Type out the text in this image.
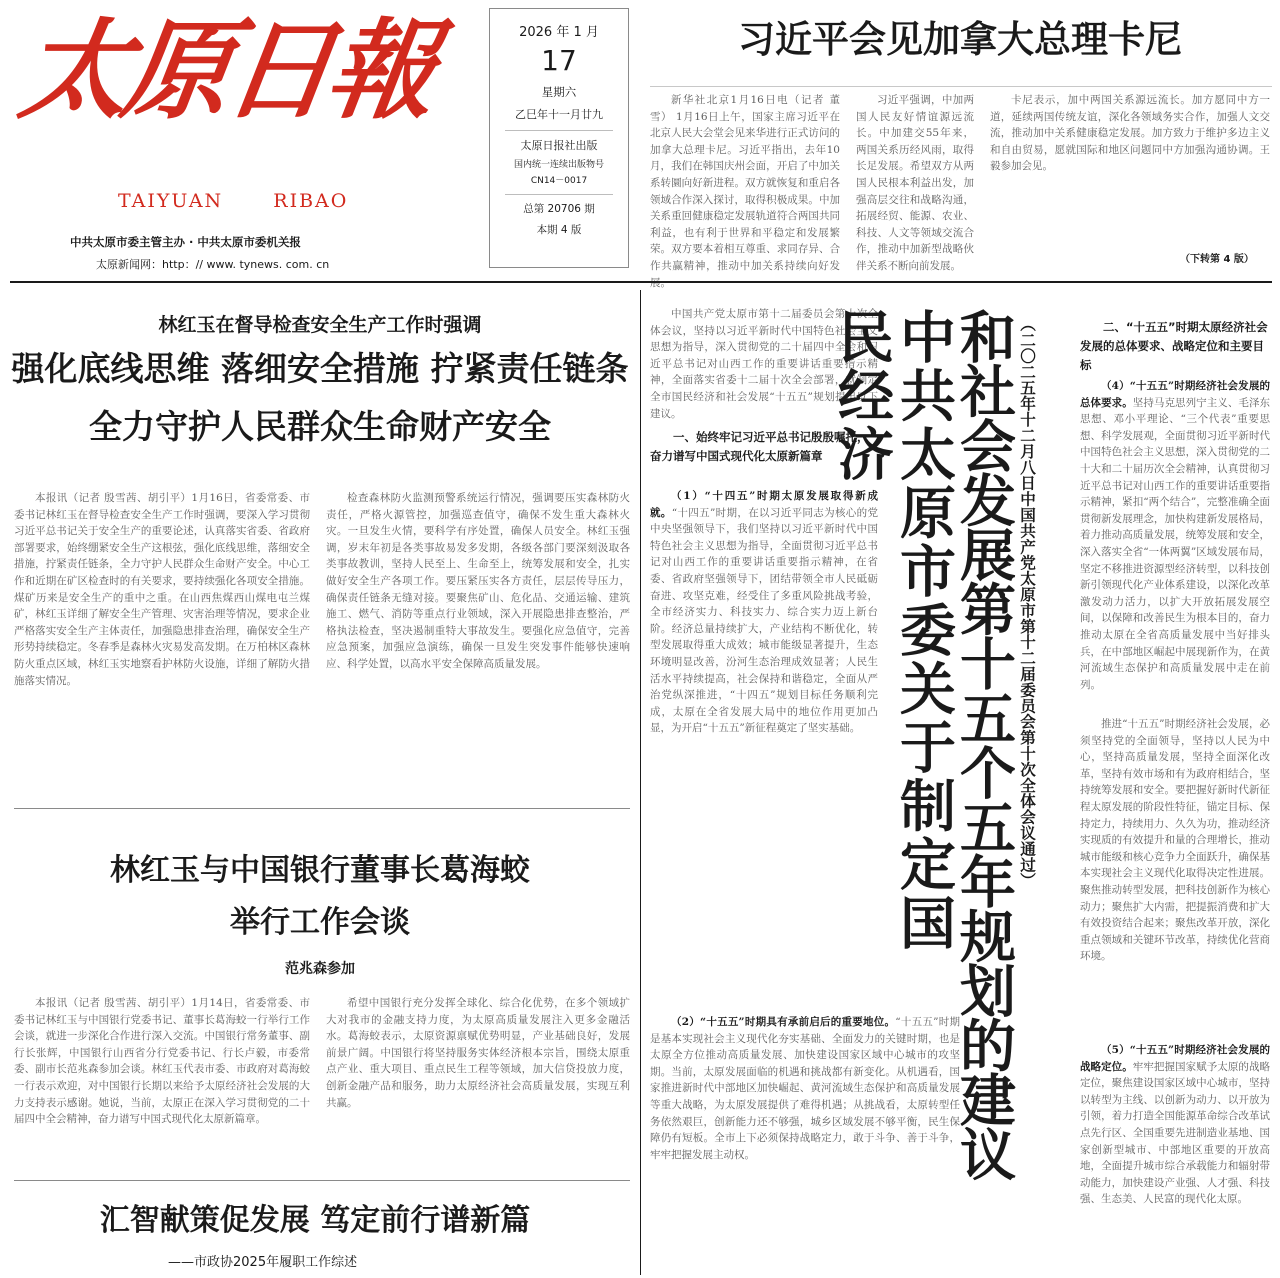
太原日報
TAIYUAN	RIBAO
中共太原市委主管主办 · 中共太原市委机关报
太原新闻网：http：// www. tynews. com. cn
2026 年 1 月
17
星期六
乙巳年十一月廿九
太原日报社出版
国内统一连续出版物号
CN14－0017
总第 20706 期
本期 4 版
习近平会见加拿大总理卡尼

新华社北京1月16日电（记者 董 雪） 1月16日上午，国家主席习近平在北京人民大会堂会见来华进行正式访问的加拿大总理卡尼。习近平指出，去年10月，我们在韩国庆州会面，开启了中加关系转圜向好新进程。双方就恢复和重启各领域合作深入探讨，取得积极成果。中加关系重回健康稳定发展轨道符合两国共同利益，也有利于世界和平稳定和发展繁荣。双方要本着相互尊重、求同存异、合作共赢精神，推动中加关系持续向好发

习近平强调，中加两国人民友好情谊源远流长。中加建交55年来，两国关系历经风雨，取得长足发展。希望双方从两国人民根本利益出发，加强高层交往和战略沟通，拓展经贸、能源、农业、科技、人文等领域交流合作，推动中加新型战略伙伴关系不断向前发展。

卡尼表示，加中两国关系源远流长。加方愿同中方一道，延续两国传统友谊，深化各领域务实合作，加强人文交流，推动加中关系健康稳定发展。加方致力于维护多边主义和自由贸易，愿就国际和地区问题同中方加强沟通协调。王毅参加会见。

（下转第 4 版）
林红玉在督导检查安全生产工作时强调
强化底线思维 落细安全措施 拧紧责任链条
全力守护人民群众生命财产安全

本报讯（记者 殷雪茜、胡引平）1月16日，省委常委、市委书记林红玉在督导检查安全生产工作时强调，要深入学习贯彻习近平总书记关于安全生产的重要论述，认真落实省委、省政府部署要求，始终绷紧安全生产这根弦，强化底线思维，落细安全措施，拧紧责任链条，全力守护人民群众生命财产安全。中心工作和近期在矿区检查时的有关要求，要持续强化各项安全措施。煤矿历来是安全生产的重中之重。在山西焦煤西山煤电屯兰煤矿，林红玉详细了解安全生产管理、灾害治理等情况，要求企业严格落实安全生产主体责任，加强隐患排查治理，确保安全生产形势持续稳定。冬春季是森林火灾易发高发期。在万柏林区森林防火重点区域，林红玉实地察看护林防火设施，详细了解防火措施落实情况。

检查森林防火监测预警系统运行情况，强调要压实森林防火责任，严格火源管控，加强巡查值守，确保不发生重大森林火灾。一旦发生火情，要科学有序处置，确保人员安全。林红玉强调，岁末年初是各类事故易发多发期，各级各部门要深刻汲取各类事故教训，坚持人民至上、生命至上，统筹发展和安全，扎实做好安全生产各项工作。要压紧压实各方责任，层层传导压力，确保责任链条无缝对接。要聚焦矿山、危化品、交通运输、建筑施工、燃气、消防等重点行业领域，深入开展隐患排查整治，严格执法检查，坚决遏制重特大事故发生。要强化应急值守，完善应急预案，加强应急演练，确保一旦发生突发事件能够快速响应、科学处置，以高水平安全保障高质量发展。

林红玉与中国银行董事长葛海蛟
举行工作会谈
范兆森参加

本报讯（记者 殷雪茜、胡引平）1月14日，省委常委、市委书记林红玉与中国银行党委书记、董事长葛海蛟一行举行工作会谈，就进一步深化合作进行深入交流。中国银行常务董事、副行长张辉，中国银行山西省分行党委书记、行长卢毅，市委常委、副市长范兆森参加会谈。林红玉代表市委、市政府对葛海蛟一行表示欢迎，对中国银行长期以来给予太原经济社会发展的大力支持表示感谢。她说，当前，太原正在深入学习贯彻党的二十届四中全会精神，奋力谱写中国式现代化太原新篇章。

希望中国银行充分发挥全球化、综合化优势，在多个领域扩大对我市的金融支持力度，为太原高质量发展注入更多金融活水。葛海蛟表示，太原资源禀赋优势明显，产业基础良好，发展前景广阔。中国银行将坚持服务实体经济根本宗旨，围绕太原重点产业、重大项目、重点民生工程等领域，加大信贷投放力度，创新金融产品和服务，助力太原经济社会高质量发展，实现互利共赢。

汇智献策促发展 笃定前行谱新篇
——市政协2025年履职工作综述

中国共产党太原市第十二届委员会第十次全体会议，坚持以习近平新时代中国特色社会主义思想为指导，深入贯彻党的二十届四中全会和习近平总书记对山西工作的重要讲话重要指示精神，全面落实省委十二届十次全会部署，就制定全市国民经济和社会发展“十五五”规划提出以下建议。

一、始终牢记习近平总书记殷殷嘱托，奋力谱写中国式现代化太原新篇章

（1）“十四五”时期太原发展取得新成就。“十四五”时期，在以习近平同志为核心的党中央坚强领导下，我们坚持以习近平新时代中国特色社会主义思想为指导，全面贯彻习近平总书记对山西工作的重要讲话重要指示精神，在省委、省政府坚强领导下，团结带领全市人民砥砺奋进、攻坚克难，经受住了多重风险挑战考验，全市经济实力、科技实力、综合实力迈上新台阶。经济总量持续扩大，产业结构不断优化，转型发展取得重大成效；城市能级显著提升，生态环境明显改善，汾河生态治理成效显著；人民生活水平持续提高，社会保持和谐稳定，全面从严治党纵深推进，“十四五”规划目标任务顺利完成，太原在全省发展大局中的地位作用更加凸显，为开启“十五五”新征程奠定了坚实基础。

（2）“十五五”时期具有承前启后的重要地位。“十五五”时期是基本实现社会主义现代化夯实基础、全面发力的关键时期，也是太原全方位推动高质量发展、加快建设国家区域中心城市的攻坚期。当前，太原发展面临的机遇和挑战都有新变化。从机遇看，国家推进新时代中部地区加快崛起、黄河流域生态保护和高质量发展等重大战略，为太原发展提供了难得机遇；从挑战看，太原转型任务依然艰巨，创新能力还不够强，城乡区域发展不够平衡，民生保障仍有短板。全市上下必须保持战略定力，敢于斗争、善于斗争，牢牢把握发展主动权。

中共太原市委关于制定国民经济	和社会发展第十五个五年规划的建议 （二〇二五年十二月八日中国共产党太原市第十二届委员会第十次全体会议通过）	二、“十五五”时期太原经济社会发展的总体要求、战略定位和主要目标

（4）“十五五”时期经济社会发展的总体要求。坚持马克思列宁主义、毛泽东思想、邓小平理论、“三个代表”重要思想、科学发展观，全面贯彻习近平新时代中国特色社会主义思想，深入贯彻党的二十大和二十届历次全会精神，认真贯彻习近平总书记对山西工作的重要讲话重要指示精神，紧扣“两个结合”，完整准确全面贯彻新发展理念，加快构建新发展格局，着力推动高质量发展，统筹发展和安全，深入落实全省“一体两翼”区域发展布局，坚定不移推进资源型经济转型，以科技创新引领现代化产业体系建设，以深化改革激发动力活力，以扩大开放拓展发展空间，以保障和改善民生为根本目的，奋力推动太原在全省高质量发展中当好排头兵，在中部地区崛起中展现新作为，在黄河流域生态保护和高质量发展中走在前列。

推进“十五五”时期经济社会发展，必须坚持党的全面领导，坚持以人民为中心，坚持高质量发展，坚持全面深化改革，坚持有效市场和有为政府相结合，坚持统筹发展和安全。要把握好新时代新征程太原发展的阶段性特征，锚定目标、保持定力，持续用力、久久为功，推动经济实现质的有效提升和量的合理增长，推动城市能级和核心竞争力全面跃升，确保基本实现社会主义现代化取得决定性进展。聚焦推动转型发展，把科技创新作为核心动力；聚焦扩大内需，把提振消费和扩大有效投资结合起来；聚焦改革开放，深化重点领域和关键环节改革，持续优化营商环境。

（5）“十五五”时期经济社会发展的战略定位。牢牢把握国家赋予太原的战略定位，聚焦建设国家区域中心城市，坚持以转型为主线、以创新为动力、以开放为引领，着力打造全国能源革命综合改革试点先行区、全国重要先进制造业基地、国家创新型城市、中部地区重要的开放高地，全面提升城市综合承载能力和辐射带动能力，加快建设产业强、人才强、科技强、生态美、人民富的现代化太原。
